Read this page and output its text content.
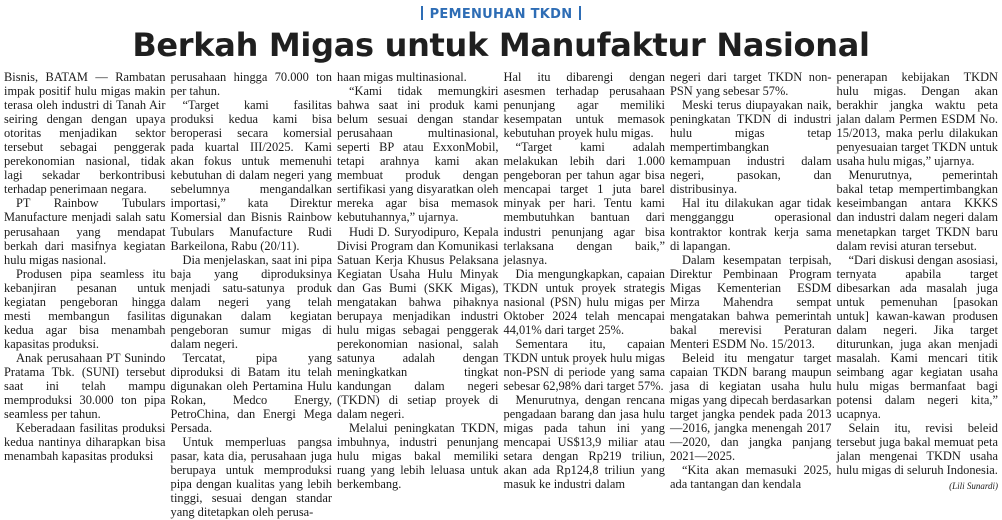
PEMENUHAN TKDN
Berkah Migas untuk Manufaktur Nasional

Bisnis, BATAM — Rambatan impak positif hulu migas makin terasa oleh industri di Tanah Air seiring dengan dengan upaya otoritas menjadikan sektor tersebut sebagai penggerak perekonomian nasional, tidak lagi sekadar berkontribusi terhadap penerimaan negara.

PT Rainbow Tubulars Manufacture menjadi salah satu perusahaan yang mendapat berkah dari masifnya kegiatan hulu migas nasional.

Produsen pipa seamless itu kebanjiran pesanan untuk kegiatan pengeboran hingga mesti membangun fasilitas kedua agar bisa menambah kapasitas produksi.

Anak perusahaan PT Sunindo Pratama Tbk. (SUNI) tersebut saat ini telah mampu memproduksi 30.000 ton pipa seamless per tahun.

Keberadaan fasilitas produksi kedua nantinya diharapkan bisa menambah kapasitas produksi

perusahaan hingga 70.000 ton per tahun.

“Target kami fasilitas produksi kedua kami bisa beroperasi secara komersial pada kuartal III/2025. Kami akan fokus untuk memenuhi kebutuhan di dalam negeri yang sebelumnya mengandalkan importasi,” kata Direktur Komersial dan Bisnis Rainbow Tubulars Manufacture Rudi Barkeilona, Rabu (20/11).

Dia menjelaskan, saat ini pipa baja yang diproduksinya menjadi satu-satunya produk dalam negeri yang telah digunakan dalam kegiatan pengeboran sumur migas di dalam negeri.

Tercatat, pipa yang diproduksi di Batam itu telah digunakan oleh Pertamina Hulu Rokan, Medco Energy, PetroChina, dan Energi Mega Persada.

Untuk memperluas pangsa pasar, kata dia, perusahaan juga berupaya untuk memproduksi pipa dengan kualitas yang lebih tinggi, sesuai dengan standar yang ditetapkan oleh perusa-

haan migas multinasional.

“Kami tidak memungkiri bahwa saat ini produk kami belum sesuai dengan standar perusahaan multinasional, seperti BP atau ExxonMobil, tetapi arahnya kami akan membuat produk dengan sertifikasi yang disyaratkan oleh mereka agar bisa memasok kebutuhannya,” ujarnya.

Hudi D. Suryodipuro, Kepala Divisi Program dan Komunikasi Satuan Kerja Khusus Pelaksana Kegiatan Usaha Hulu Minyak dan Gas Bumi (SKK Migas), mengatakan bahwa pihaknya berupaya menjadikan industri hulu migas sebagai penggerak perekonomian nasional, salah satunya adalah dengan meningkatkan tingkat kandungan dalam negeri (TKDN) di setiap proyek di dalam negeri.

Melalui peningkatan TKDN, imbuhnya, industri penunjang hulu migas bakal memiliki ruang yang lebih leluasa untuk berkembang.

Hal itu dibarengi dengan asesmen terhadap perusahaan penunjang agar memiliki kesempatan untuk memasok kebutuhan proyek hulu migas.

“Target kami adalah melakukan lebih dari 1.000 pengeboran per tahun agar bisa mencapai target 1 juta barel minyak per hari. Tentu kami membutuhkan bantuan dari industri penunjang agar bisa terlaksana dengan baik,” jelasnya.

Dia mengungkapkan, capaian TKDN untuk proyek strategis nasional (PSN) hulu migas per Oktober 2024 telah mencapai 44,01% dari target 25%.

Sementara itu, capaian TKDN untuk proyek hulu migas non-PSN di periode yang sama sebesar 62,98% dari target 57%.

Menurutnya, dengan rencana pengadaan barang dan jasa hulu migas pada tahun ini yang mencapai US$13,9 miliar atau setara dengan Rp219 triliun, akan ada Rp124,8 triliun yang masuk ke industri dalam

negeri dari target TKDN non-PSN yang sebesar 57%.

Meski terus diupayakan naik, peningkatan TKDN di industri hulu migas tetap mempertimbangkan kemampuan industri dalam negeri, pasokan, dan distribusinya.

Hal itu dilakukan agar tidak mengganggu operasional kontraktor kontrak kerja sama di lapangan.

Dalam kesempatan terpisah, Direktur Pembinaan Program Migas Kementerian ESDM Mirza Mahendra sempat mengatakan bahwa pemerintah bakal merevisi Peraturan Menteri ESDM No. 15/2013.

Beleid itu mengatur target capaian TKDN barang maupun jasa di kegiatan usaha hulu migas yang dipecah berdasarkan target jangka pendek pada 2013—2016, jangka menengah 2017—2020, dan jangka panjang 2021—2025.

“Kita akan memasuki 2025, ada tantangan dan kendala

penerapan kebijakan TKDN hulu migas. Dengan akan berakhir jangka waktu peta jalan dalam Permen ESDM No. 15/2013, maka perlu dilakukan penyesuaian target TKDN untuk usaha hulu migas,” ujarnya.

Menurutnya, pemerintah bakal tetap mempertimbangkan keseimbangan antara KKKS dan industri dalam negeri dalam menetapkan target TKDN baru dalam revisi aturan tersebut.

“Dari diskusi dengan asosiasi, ternyata apabila target dibesarkan ada masalah juga untuk pemenuhan [pasokan untuk] kawan-kawan produsen dalam negeri. Jika target diturunkan, juga akan menjadi masalah. Kami mencari titik seimbang agar kegiatan usaha hulu migas bermanfaat bagi potensi dalam negeri kita,” ucapnya.

Selain itu, revisi beleid tersebut juga bakal memuat peta jalan mengenai TKDN usaha hulu migas di seluruh Indonesia.

(Lili Sunardi)
